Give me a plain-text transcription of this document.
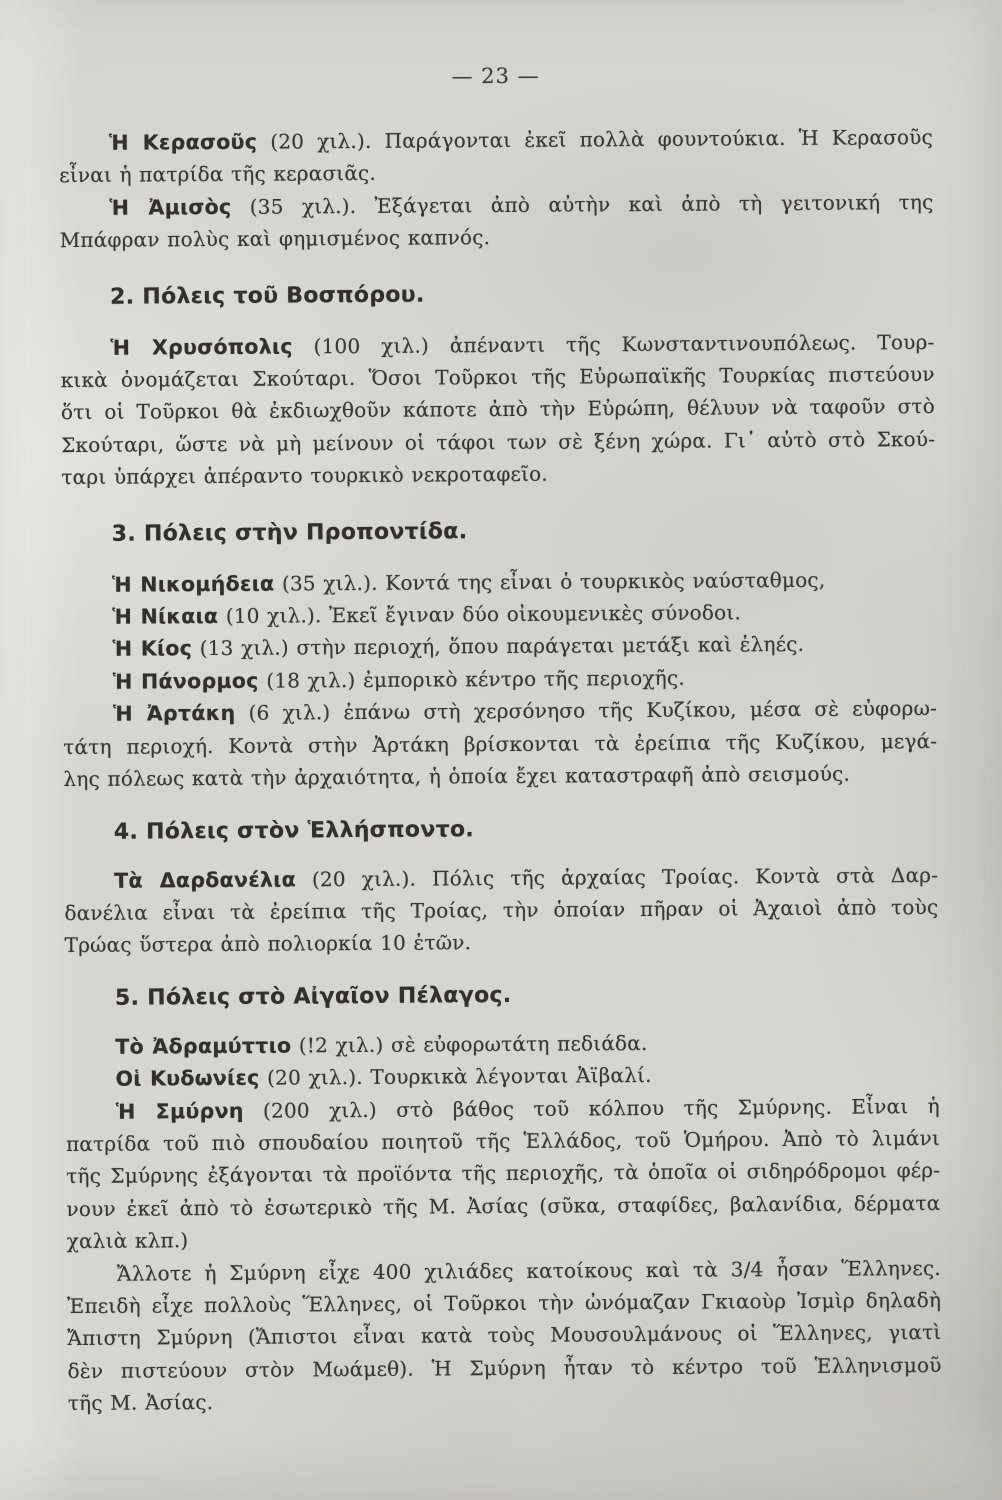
— 23 —
Ἡ Κερασοῦς (20 χιλ.). Παράγονται ἐκεῖ πολλὰ φουντούκια. Ἡ Κερασοῦς
εἶναι ἡ πατρίδα τῆς κερασιᾶς.
Ἡ Ἀμισὸς (35 χιλ.). Ἐξάγεται ἀπὸ αὐτὴν καὶ ἀπὸ τὴ γειτονική της
Μπάφραν πολὺς καὶ φημισμένος καπνός.
2. Πόλεις τοῦ Βοσπόρου.
Ἡ Χρυσόπολις (100 χιλ.) ἀπέναντι τῆς Κωνσταντινουπόλεως. Τουρ-
κικὰ ὀνομάζεται Σκούταρι. Ὅσοι Τοῦρκοι τῆς Εὐρωπαϊκῆς Τουρκίας πιστεύουν
ὅτι οἱ Τοῦρκοι θὰ ἐκδιωχθοῦν κάποτε ἀπὸ τὴν Εὐρώπη, θέλυυν νὰ ταφοῦν στὸ
Σκούταρι, ὥστε νὰ μὴ μείνουν οἱ τάφοι των σὲ ξένη χώρα. Γι᾽ αὐτὸ στὸ Σκού-
ταρι ὑπάρχει ἀπέραντο τουρκικὸ νεκροταφεῖο.
3. Πόλεις στὴν Προποντίδα.
Ἡ Νικομήδεια (35 χιλ.). Κοντά της εἶναι ὁ τουρκικὸς ναύσταθμος,
Ἡ Νίκαια (10 χιλ.). Ἐκεῖ ἔγιναν δύο οἰκουμενικὲς σύνοδοι.
Ἡ Κίος (13 χιλ.) στὴν περιοχή, ὅπου παράγεται μετάξι καὶ ἐληές.
Ἡ Πάνορμος (18 χιλ.) ἐμπορικὸ κέντρο τῆς περιοχῆς.
Ἡ Ἀρτάκη (6 χιλ.) ἐπάνω στὴ χερσόνησο τῆς Κυζίκου, μέσα σὲ εὐφορω-
τάτη περιοχή. Κοντὰ στὴν Ἀρτάκη βρίσκονται τὰ ἐρείπια τῆς Κυζίκου, μεγά-
λης πόλεως κατὰ τὴν ἀρχαιότητα, ἡ ὁποία ἔχει καταστραφῆ ἀπὸ σεισμούς.
4. Πόλεις στὸν Ἑλλήσποντο.
Τὰ Δαρδανέλια (20 χιλ.). Πόλις τῆς ἀρχαίας Τροίας. Κοντὰ στὰ Δαρ-
δανέλια εἶναι τὰ ἐρείπια τῆς Τροίας, τὴν ὁποίαν πῆραν οἱ Ἀχαιοὶ ἀπὸ τοὺς
Τρώας ὕστερα ἀπὸ πολιορκία 10 ἐτῶν.
5. Πόλεις στὸ Αἰγαῖον Πέλαγος.
Τὸ Ἀδραμύττιο (!2 χιλ.) σὲ εὐφορωτάτη πεδιάδα.
Οἱ Κυδωνίες (20 χιλ.). Τουρκικὰ λέγονται Ἀϊβαλί.
Ἡ Σμύρνη (200 χιλ.) στὸ βάθος τοῦ κόλπου τῆς Σμύρνης. Εἶναι ἡ
πατρίδα τοῦ πιὸ σπουδαίου ποιητοῦ τῆς Ἑλλάδος, τοῦ Ὁμήρου. Ἀπὸ τὸ λιμάνι
τῆς Σμύρνης ἐξάγονται τὰ προϊόντα τῆς περιοχῆς, τὰ ὁποῖα οἱ σιδηρόδρομοι φέρ-
νουν ἐκεῖ ἀπὸ τὸ ἐσωτερικὸ τῆς Μ. Ἀσίας (σῦκα, σταφίδες, βαλανίδια, δέρματα
χαλιὰ κλπ.)
Ἄλλοτε ἡ Σμύρνη εἶχε 400 χιλιάδες κατοίκους καὶ τὰ 3/4 ἦσαν Ἕλληνες.
Ἐπειδὴ εἶχε πολλοὺς Ἕλληνες, οἱ Τοῦρκοι τὴν ὠνόμαζαν Γκιαοὺρ Ἰσμὶρ δηλαδὴ
Ἄπιστη Σμύρνη (Ἄπιστοι εἶναι κατὰ τοὺς Μουσουλμάνους οἱ Ἕλληνες, γιατὶ
δὲν πιστεύουν στὸν Μωάμεθ). Ἡ Σμύρνη ἦταν τὸ κέντρο τοῦ Ἑλληνισμοῦ
τῆς Μ. Ἀσίας.
